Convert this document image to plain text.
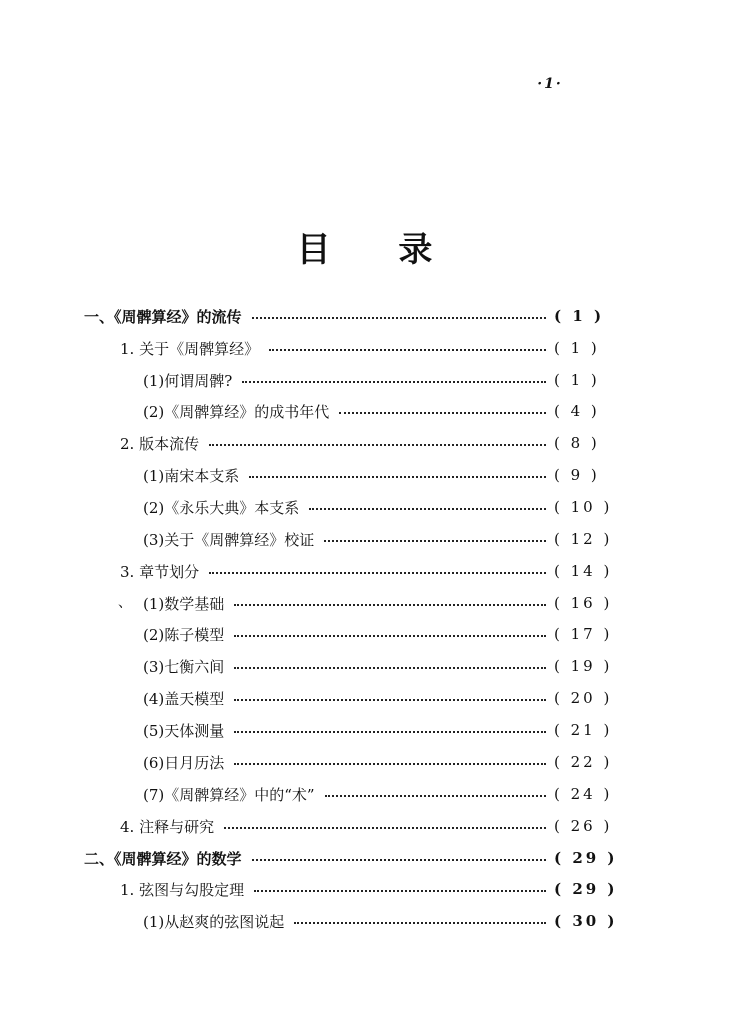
·1·
目 录
一、《周髀算经》的流传	( 1 )
1. 关于《周髀算经》	( 1 )
(1)何谓周髀?	( 1 )
(2)《周髀算经》的成书年代	( 4 )
2. 版本流传	( 8 )
(1)南宋本支系	( 9 )
(2)《永乐大典》本支系	( 10 )
(3)关于《周髀算经》校证	( 12 )
3. 章节划分	( 14 )
、 (1)数学基础	( 16 )
(2)陈子模型	( 17 )
(3)七衡六间	( 19 )
(4)盖天模型	( 20 )
(5)天体测量	( 21 )
(6)日月历法	( 22 )
(7)《周髀算经》中的“术”	( 24 )
4. 注释与研究	( 26 )
二、《周髀算经》的数学	( 29 )
1. 弦图与勾股定理	( 29 )
(1)从赵爽的弦图说起	( 30 )
